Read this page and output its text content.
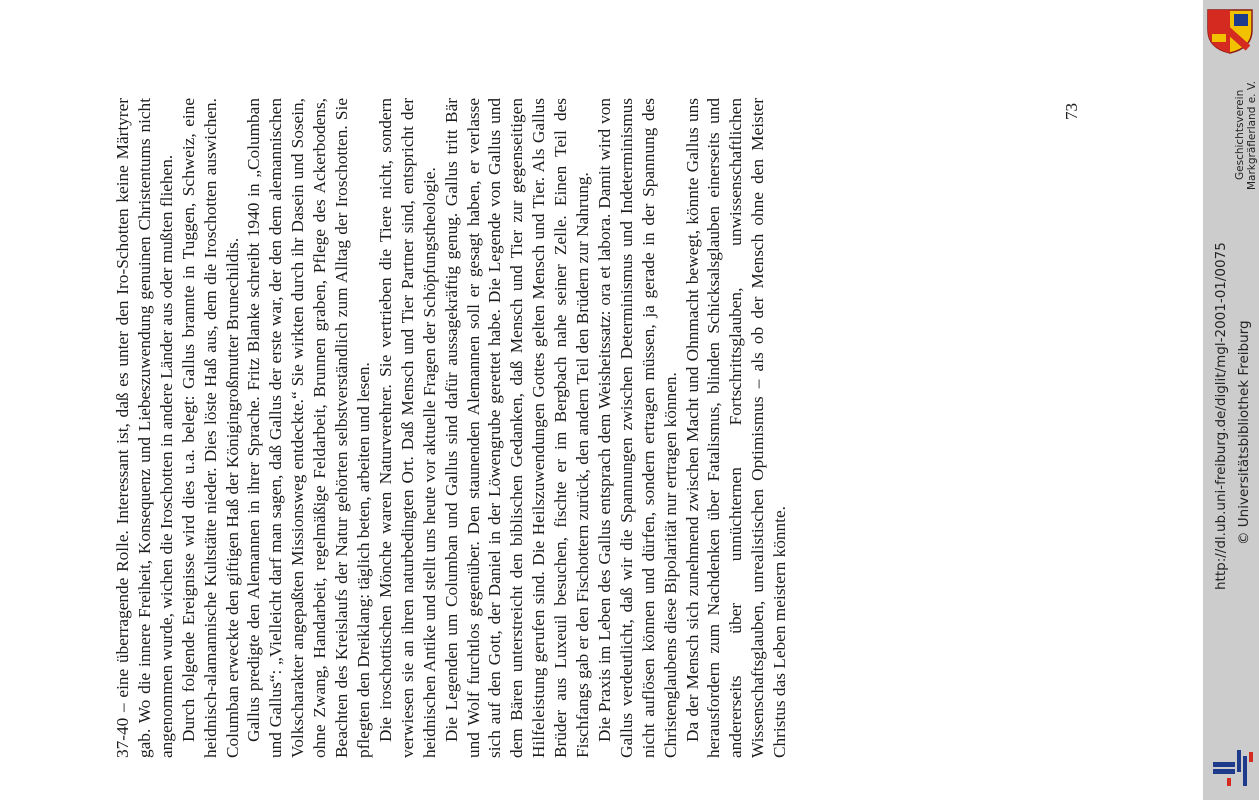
37-40 – eine überragende Rolle. Interessant ist, daß es unter den Iro-Schotten keine Märtyrer gab. Wo die innere Freiheit, Konsequenz und Liebeszuwendung genuinen Christentums nicht angenommen wurde, wichen die Iroschotten in andere Länder aus oder mußten fliehen. Durch folgende Ereignisse wird dies u.a. belegt: Gallus brannte in Tuggen, Schweiz, eine heidnisch-alamannische Kultstätte nieder. Dies löste Haß aus, dem die Iroschotten auswichen. Columban erweckte den giftigen Haß der Königingroßmutter Brunechildis. Gallus predigte den Alemannen in ihrer Sprache. Fritz Blanke schreibt 1940 in „Columban und Gallus“: „Vielleicht darf man sagen, daß Gallus der erste war, der den dem alemannischen Volkscharakter angepaßten Missionsweg entdeckte.“ Sie wirkten durch ihr Dasein und Sosein, ohne Zwang, Handarbeit, regelmäßige Feldarbeit, Brunnen graben, Pflege des Ackerbodens, Beachten des Kreislaufs der Natur gehörten selbstverständlich zum Alltag der Iroschotten. Sie pflegten den Dreiklang: täglich beten, arbeiten und lesen. Die iroschottischen Mönche waren Naturverehrer. Sie vertrieben die Tiere nicht, sondern verwiesen sie an ihren naturbedingten Ort. Daß Mensch und Tier Partner sind, entspricht der heidnischen Antike und stellt uns heute vor aktuelle Fragen der Schöpfungstheologie. Die Legenden um Columban und Gallus sind dafür aussagekräftig genug. Gallus tritt Bär und Wolf furchtlos gegenüber. Den staunenden Alemannen soll er gesagt haben, er verlasse sich auf den Gott, der Daniel in der Löwengrube gerettet habe. Die Legende von Gallus und dem Bären unterstreicht den biblischen Gedanken, daß Mensch und Tier zur gegenseitigen Hilfeleistung gerufen sind. Die Heilszuwendungen Gottes gelten Mensch und Tier. Als Gallus Brüder aus Luxeuil besuchen, fischte er im Bergbach nahe seiner Zelle. Einen Teil des Fischfangs gab er den Fischottern zurück, den andern Teil den Brüdern zur Nahrung. Die Praxis im Leben des Gallus entsprach dem Weisheitssatz: ora et labora. Damit wird von Gallus verdeutlicht, daß wir die Spannungen zwischen Determinismus und Indeterminismus nicht auflösen können und dürfen, sondern ertragen müssen, ja gerade in der Spannung des Christenglaubens diese Bipolarität nur ertragen können. Da der Mensch sich zunehmend zwischen Macht und Ohnmacht bewegt, könnte Gallus uns herausfordern zum Nachdenken über Fatalismus, blinden Schicksalsglauben einerseits und andererseits über unnüchternen Fortschrittsglauben, unwissenschaftlichen Wissenschaftsglauben, unrealistischen Optimismus – als ob der Mensch ohne den Meister Christus das Leben meistern könnte.

73	Geschichtsverein Markgräflerland e. V.
http://dl.ub.uni-freiburg.de/diglit/mgl-2001-01/0075 © Universitätsbibliothek Freiburg
